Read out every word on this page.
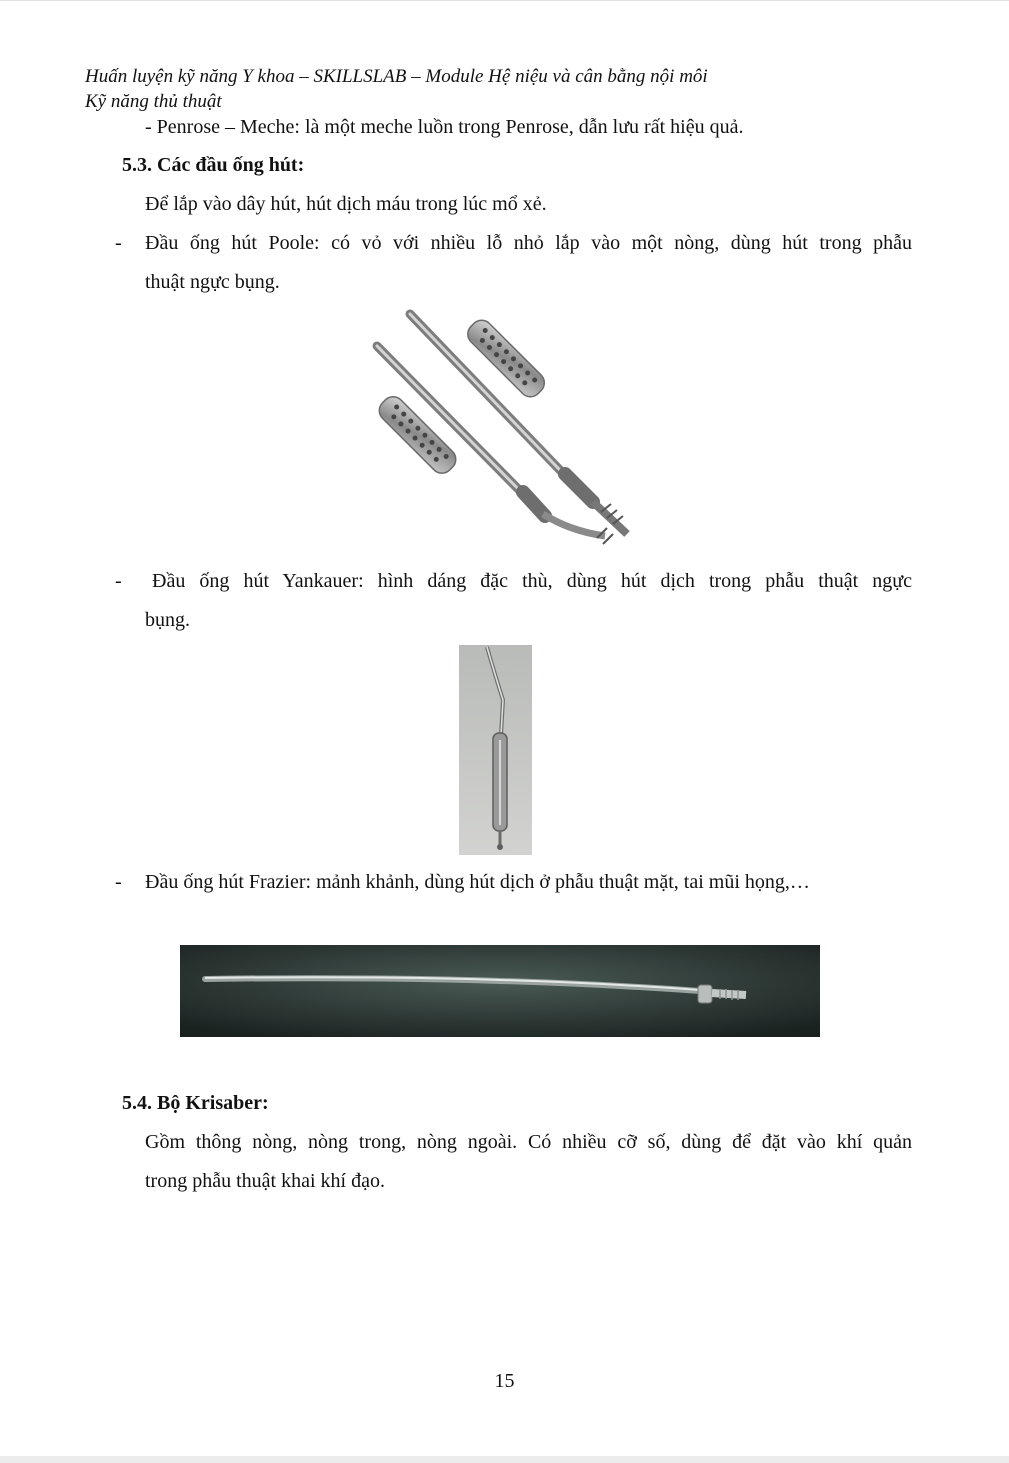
Huấn luyện kỹ năng Y khoa – SKILLSLAB – Module Hệ niệu và cân bằng nội môi
Kỹ năng thủ thuật
- Penrose – Meche: là một meche luồn trong Penrose, dẫn lưu rất hiệu quả.
5.3. Các đầu ống hút:
Để lắp vào dây hút, hút dịch máu trong lúc mổ xẻ.
- Đầu ống hút Poole: có vỏ với nhiều lỗ nhỏ lắp vào một nòng, dùng hút trong phẫu
thuật ngực bụng.
- Đầu ống hút Yankauer: hình dáng đặc thù, dùng hút dịch trong phẫu thuật ngực
bụng.
- Đầu ống hút Frazier: mảnh khảnh, dùng hút dịch ở phẫu thuật mặt, tai mũi họng,…
5.4. Bộ Krisaber:
Gồm thông nòng, nòng trong, nòng ngoài. Có nhiều cỡ số, dùng để đặt vào khí quản
trong phẫu thuật khai khí đạo.
15
